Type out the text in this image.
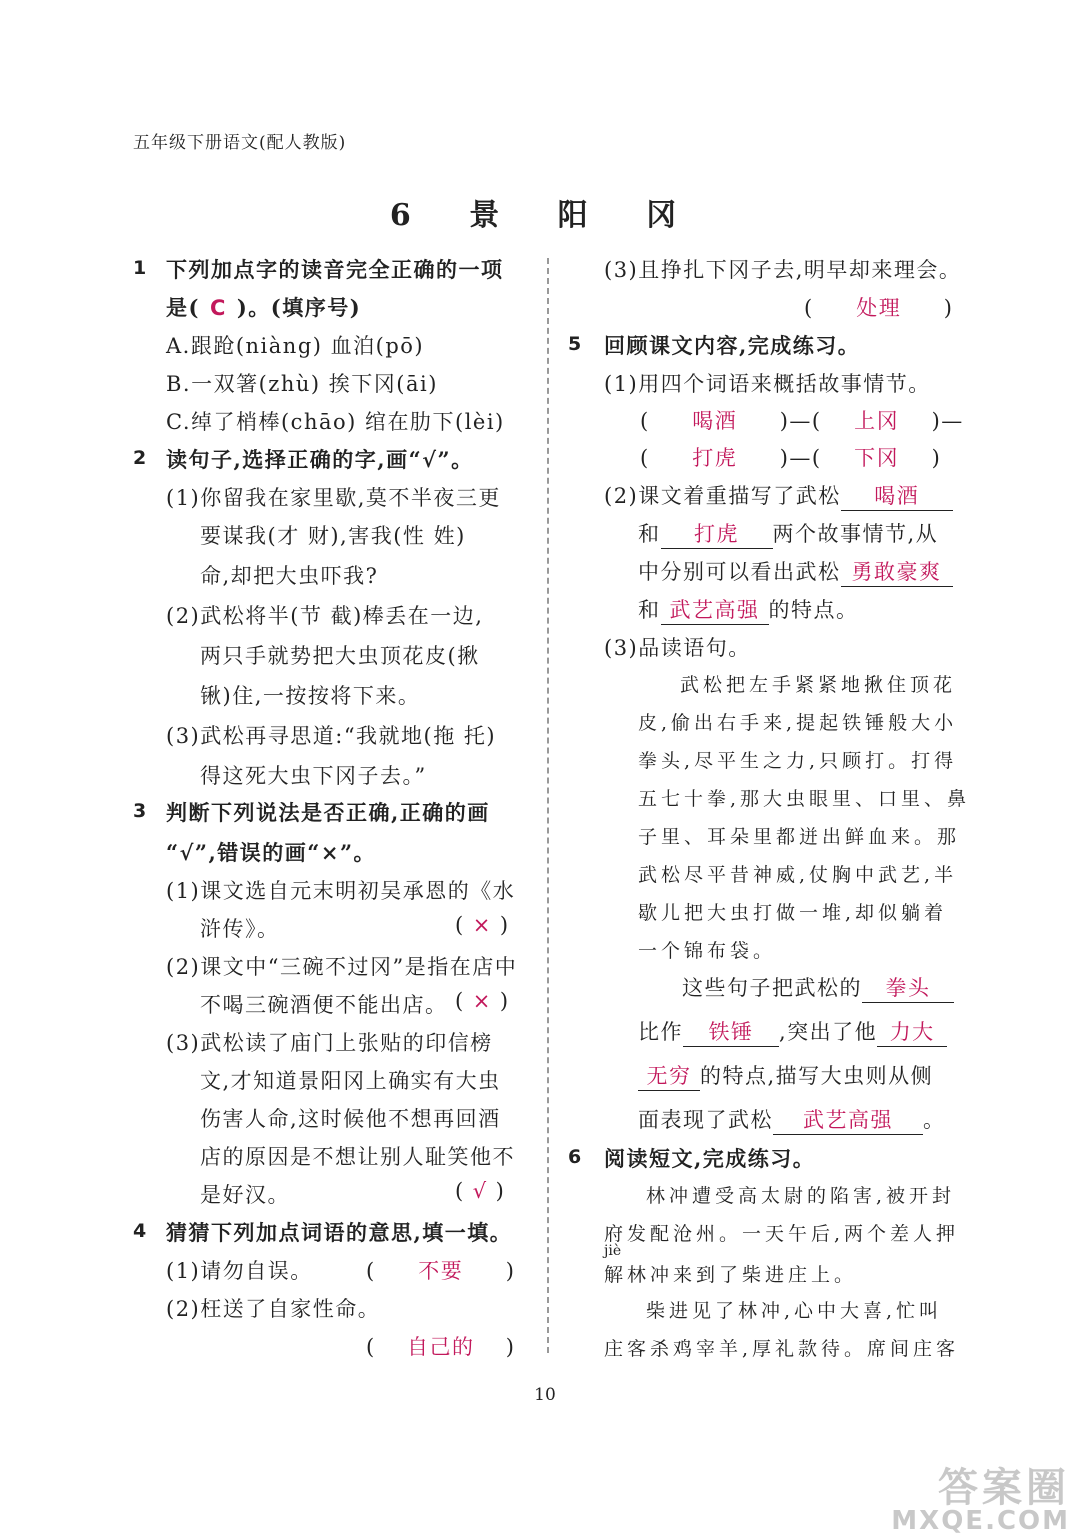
五年级下册语文(配人教版)
6 景 阳 冈
1 下列加点字的读音完全正确的一项
是( C )。(填序号)
A.跟跄(niàng) 血泊(pō)
B.一双箸(zhù) 挨下冈(āi)
C.绰了梢棒(chāo) 绾在肋下(lèi)
2 读句子,选择正确的字,画“√”。
(1)你留我在家里歇,莫不半夜三更
要谋我(才 财),害我(性 姓)
命,却把大虫吓我?
(2)武松将半(节 截)棒丢在一边,
两只手就势把大虫顶花皮(揪
锹)住,一按按将下来。
(3)武松再寻思道:“我就地(拖 托)
得这死大虫下冈子去。”
3 判断下列说法是否正确,正确的画
“√”,错误的画“×”。
(1)课文选自元末明初吴承恩的《水
浒传》。	( × )
(2)课文中“三碗不过冈”是指在店中
不喝三碗酒便不能出店。 ( × )
(3)武松读了庙门上张贴的印信榜
文,才知道景阳冈上确实有大虫
伤害人命,这时候他不想再回酒
店的原因是不想让别人耻笑他不
是好汉。	( √ )
4 猜猜下列加点词语的意思,填一填。
(1)请勿自误。	( 不要 )
(2)枉送了自家性命。
( 自己的 )
(3)且挣扎下冈子去,明早却来理会。
( 处理 )
5 回顾课文内容,完成练习。
(1)用四个词语来概括故事情节。
( 喝酒 )—( 上冈 )—
( 打虎 )—( 下冈 )
(2)课文着重描写了武松 喝酒
和 打虎 两个故事情节,从
中分别可以看出武松 勇敢豪爽
和 武艺高强 的特点。
(3)品读语句。
武松把左手紧紧地揪住顶花
皮,偷出右手来,提起铁锤般大小
拳头,尽平生之力,只顾打。打得
五七十拳,那大虫眼里、口里、鼻
子里、耳朵里都迸出鲜血来。那
武松尽平昔神威,仗胸中武艺,半
歇儿把大虫打做一堆,却似躺着
一个锦布袋。
这些句子把武松的 拳头
比作 铁锤 ,突出了他 力大
无穷 的特点,描写大虫则从侧
面表现了武松 武艺高强 。
6 阅读短文,完成练习。
林冲遭受高太尉的陷害,被开封
府发配沧州。一天午后,两个差人押
jiè
解林冲来到了柴进庄上。
柴进见了林冲,心中大喜,忙叫
庄客杀鸡宰羊,厚礼款待。席间庄客
10
答案圈
MXQE.COM
